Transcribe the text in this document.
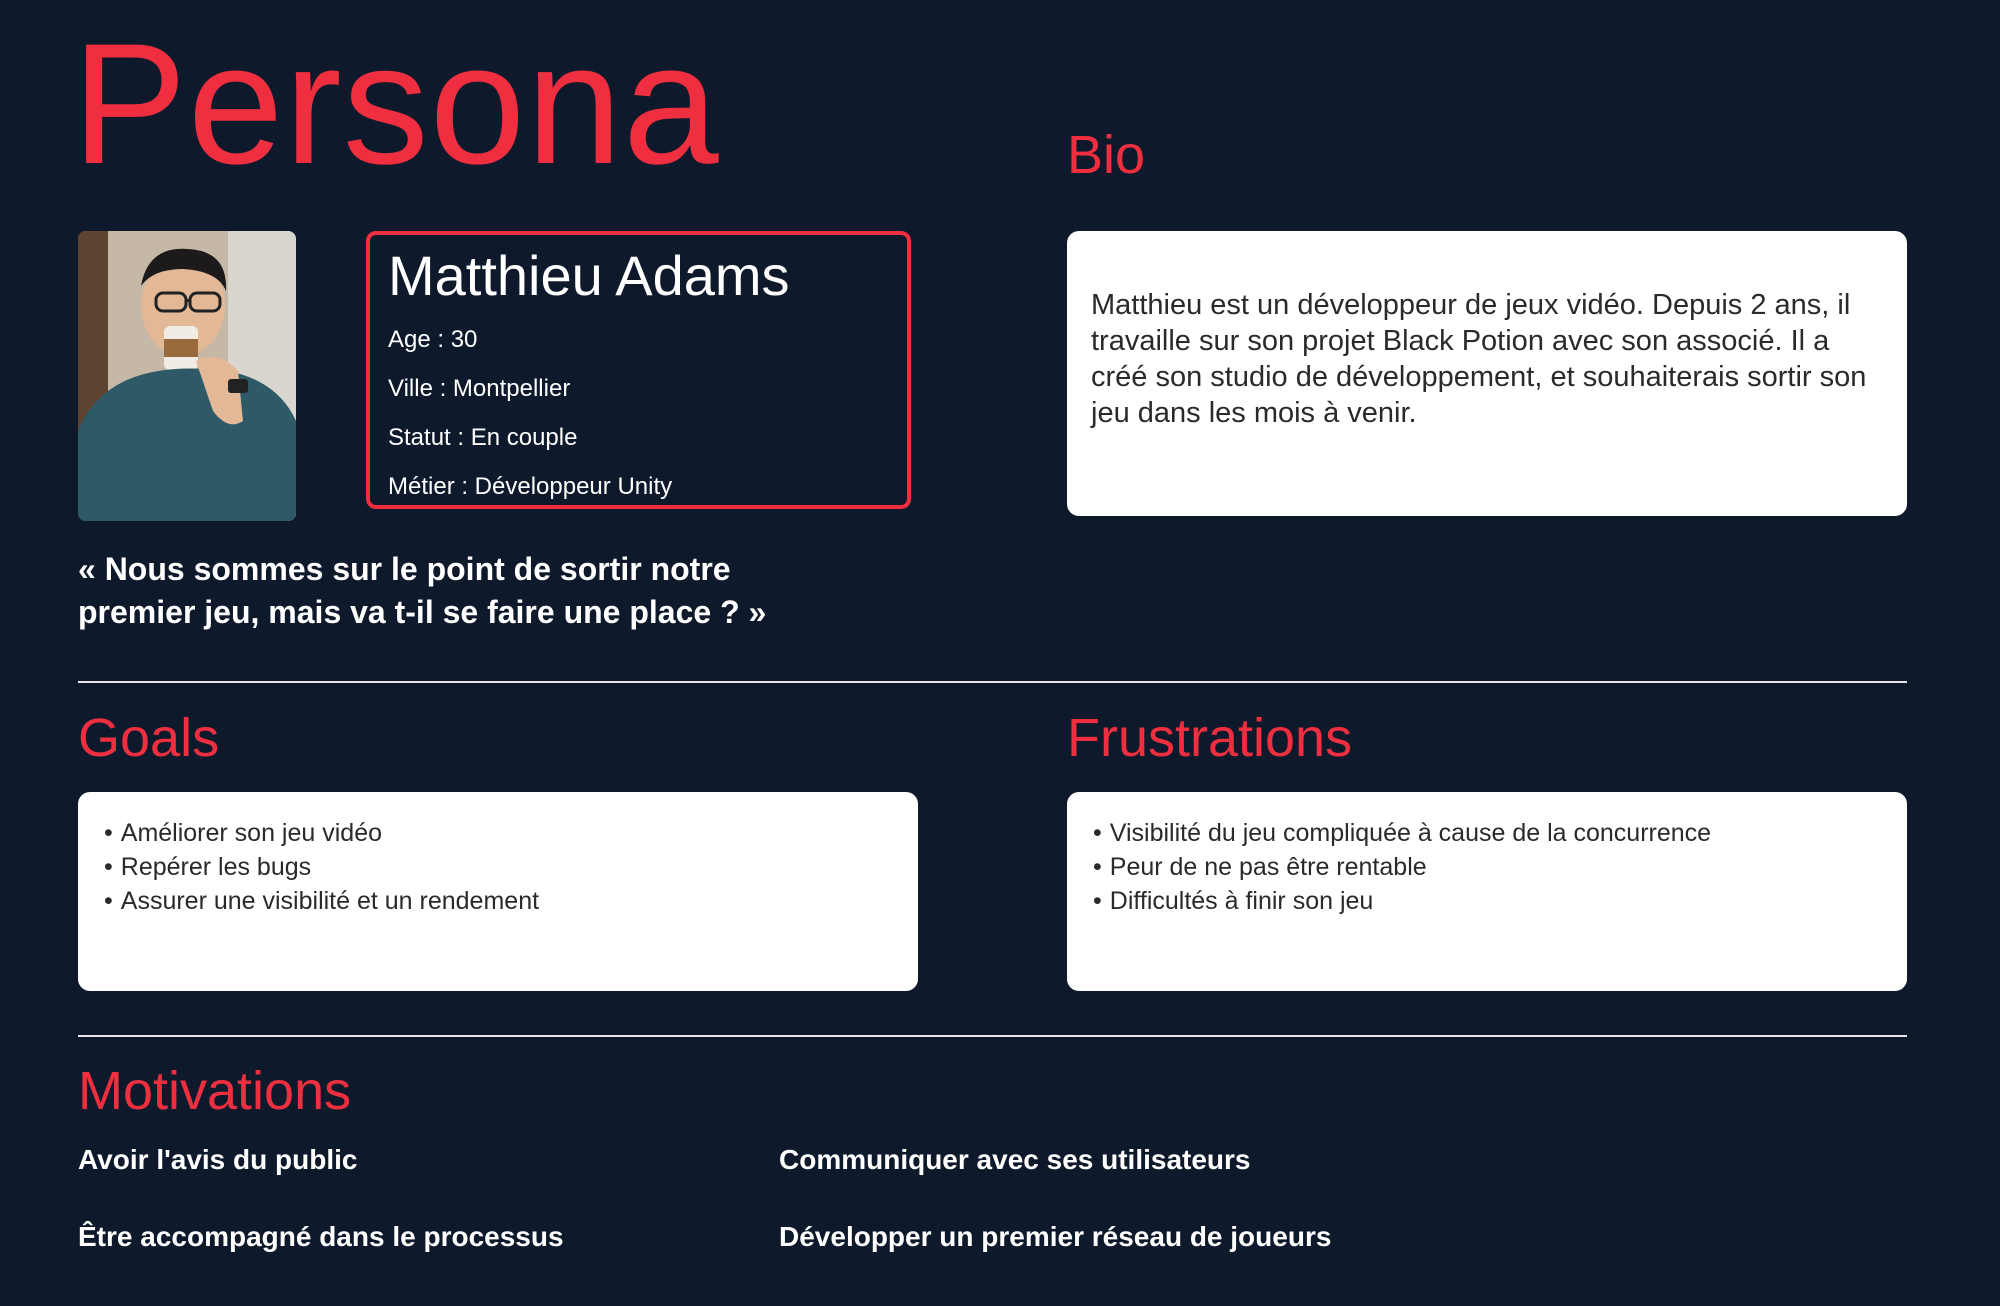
Persona	Bio

Matthieu Adams

Age : 30

Ville : Montpellier

Statut : En couple

Métier : Développeur Unity

Matthieu est un développeur de jeux vidéo. Depuis 2 ans, il travaille sur son projet Black Potion avec son associé. Il a créé son studio de développement, et souhaiterais sortir son jeu dans les mois à venir.

« Nous sommes sur le point de sortir notre
premier jeu, mais va t-il se faire une place ? »

Goals	Frustrations
• Améliorer son jeu vidéo
• Repérer les bugs
• Assurer une visibilité et un rendement
• Visibilité du jeu compliquée à cause de la concurrence
• Peur de ne pas être rentable
• Difficultés à finir son jeu
Motivations

Avoir l'avis du public	Communiquer avec ses utilisateurs

Être accompagné dans le processus	Développer un premier réseau de joueurs
